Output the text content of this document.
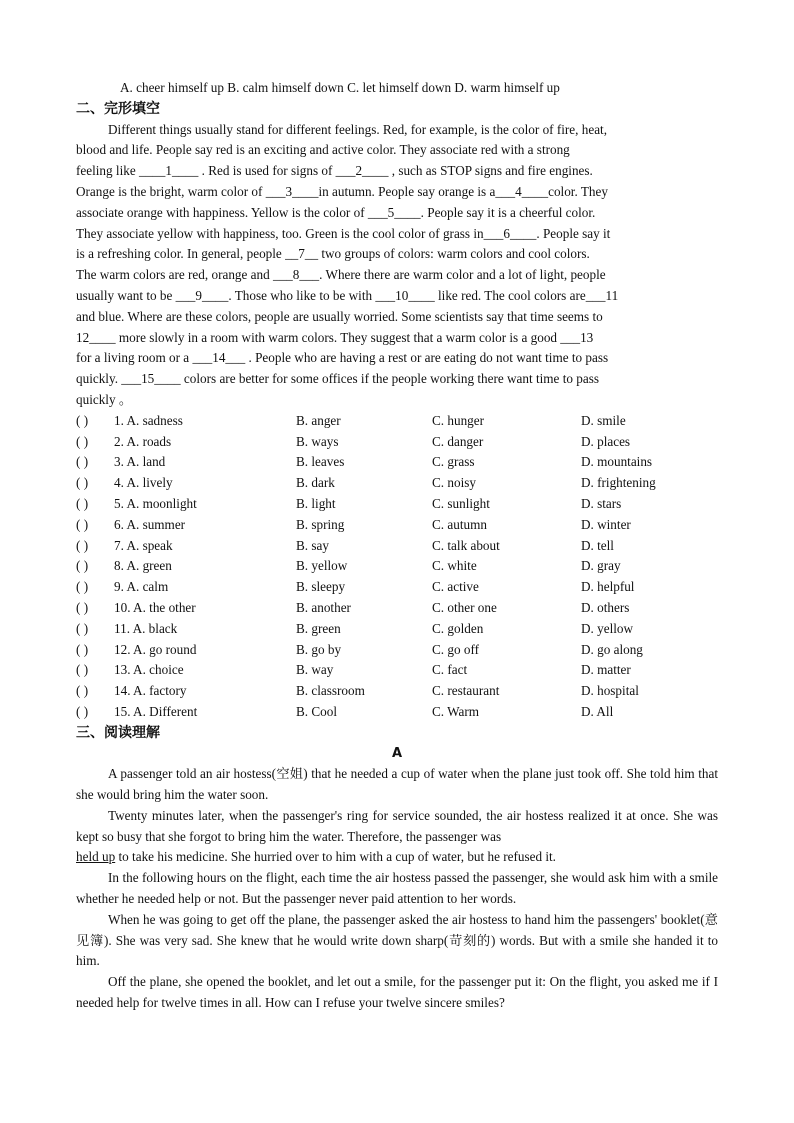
A. cheer himself up B. calm himself down C. let himself down D. warm himself up
二、完形填空
Different things usually stand for different feelings. Red, for example, is the color of fire, heat,
blood and life. People say red is an exciting and active color. They associate red with a strong
feeling like ____1____ . Red is used for signs of ___2____ , such as STOP signs and fire engines.
Orange is the bright, warm color of ___3____in autumn. People say orange is a___4____color. They
associate orange with happiness. Yellow is the color of ___5____. People say it is a cheerful color.
They associate yellow with happiness, too. Green is the cool color of grass in___6____. People say it
is a refreshing color. In general, people __7__ two groups of colors: warm colors and cool colors.
The warm colors are red, orange and ___8___. Where there are warm color and a lot of light, people
usually want to be ___9____. Those who like to be with ___10____ like red. The cool colors are___11
and blue. Where are these colors, people are usually worried. Some scientists say that time seems to
12____ more slowly in a room with warm colors. They suggest that a warm color is a good ___13
for a living room or a ___14___ . People who are having a rest or are eating do not want time to pass
quickly. ___15____ colors are better for some offices if the people working there want time to pass
quickly 。
( ) 1. A. sadness	B. anger	C. hunger	D. smile
( ) 2. A. roads	B. ways	C. danger	D. places
( ) 3. A. land	B. leaves	C. grass	D. mountains
( ) 4. A. lively	B. dark	C. noisy	D. frightening
( ) 5. A. moonlight	B. light	C. sunlight	D. stars
( ) 6. A. summer	B. spring	C. autumn	D. winter
( ) 7. A. speak	B. say	C. talk about	D. tell
( ) 8. A. green	B. yellow	C. white	D. gray
( ) 9. A. calm	B. sleepy	C. active	D. helpful
( ) 10. A. the other	B. another	C. other one	D. others
( ) 11. A. black	B. green	C. golden	D. yellow
( ) 12. A. go round	B. go by	C. go off	D. go along
( ) 13. A. choice	B. way	C. fact	D. matter
( ) 14. A. factory	B. classroom	C. restaurant	D. hospital
( ) 15. A. Different	B. Cool	C. Warm	D. All
三、阅读理解
A

A passenger told an air hostess(空姐) that he needed a cup of water when the plane just took off. She told him that she would bring him the water soon.

Twenty minutes later, when the passenger's ring for service sounded, the air hostess realized it at once. She was kept so busy that she forgot to bring him the water. Therefore, the passenger was
held up to take his medicine. She hurried over to him with a cup of water, but he refused it.

In the following hours on the flight, each time the air hostess passed the passenger, she would ask him with a smile whether he needed help or not. But the passenger never paid attention to her words.

When he was going to get off the plane, the passenger asked the air hostess to hand him the passengers' booklet(意见簿). She was very sad. She knew that he would write down sharp(苛刻的) words. But with a smile she handed it to him.

Off the plane, she opened the booklet, and let out a smile, for the passenger put it: On the flight, you asked me if I needed help for twelve times in all. How can I refuse your twelve sincere smiles?
